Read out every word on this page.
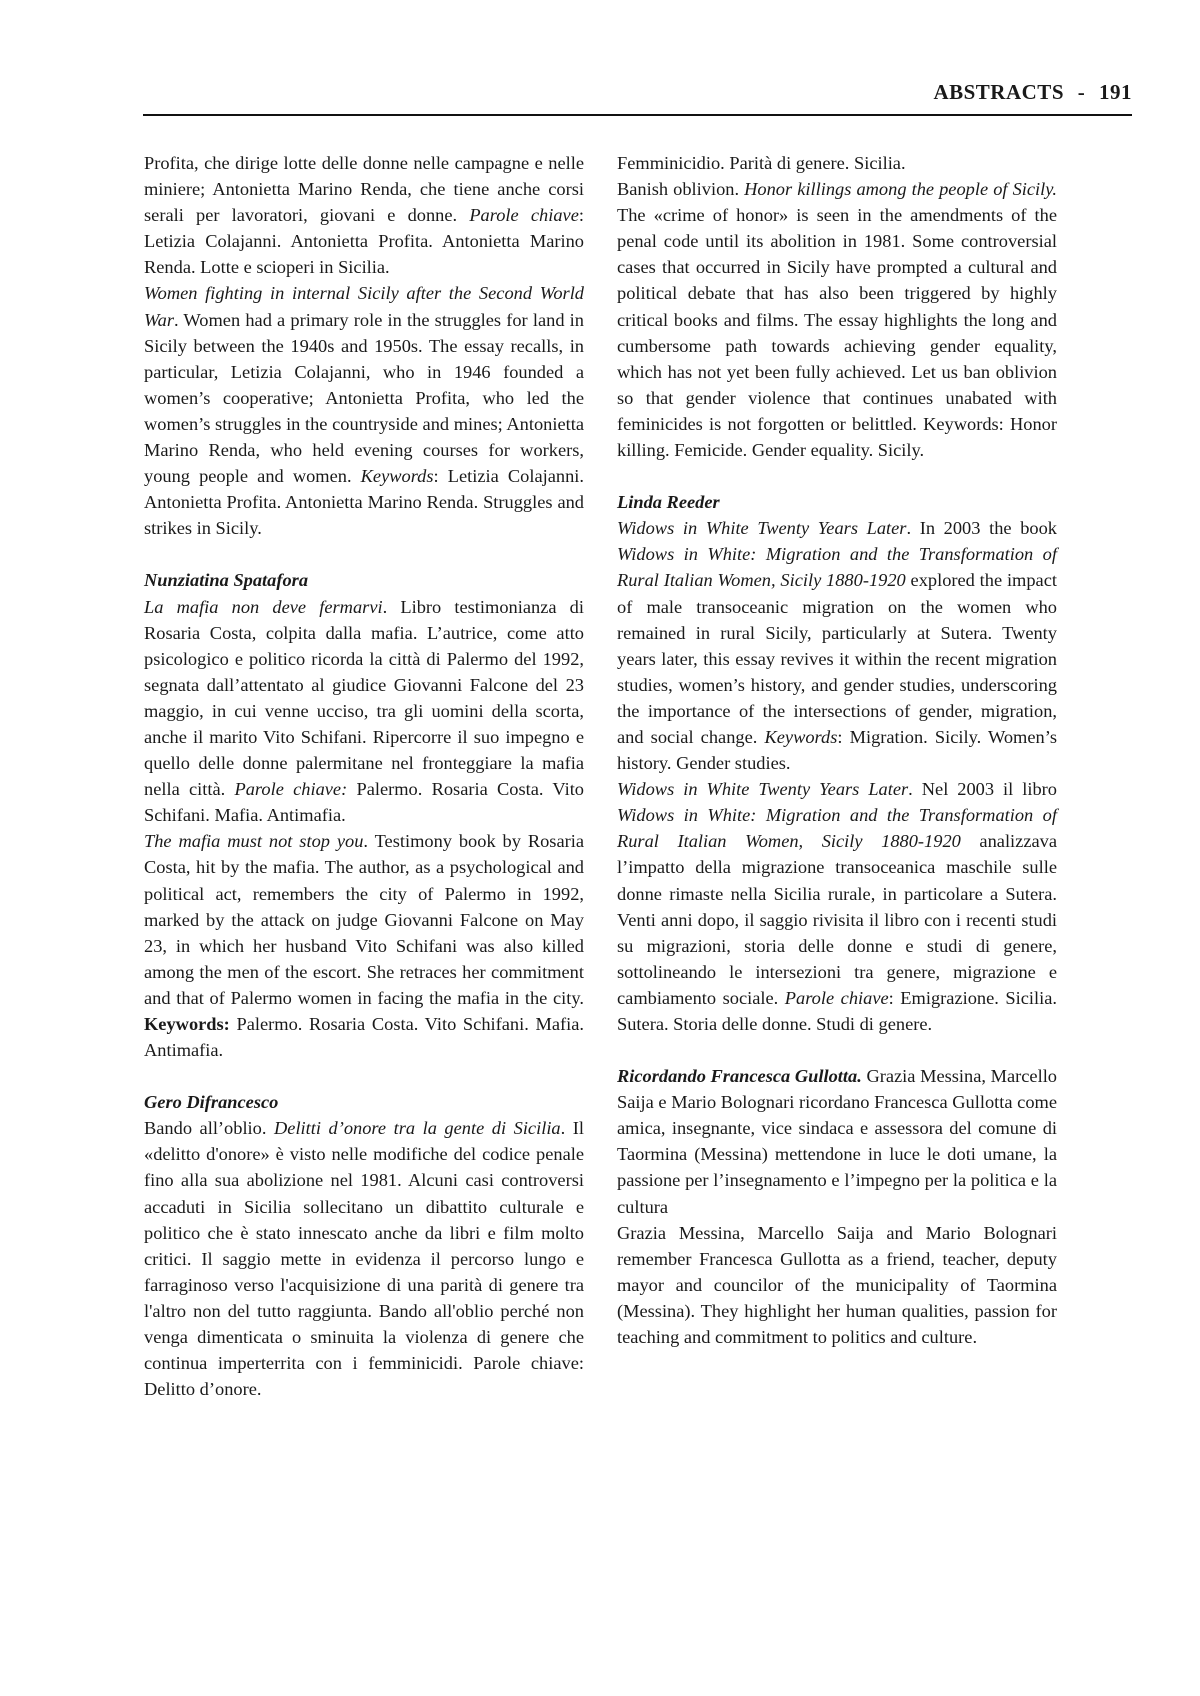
ABSTRACTS - 191

Profita, che dirige lotte delle donne nelle campagne e nelle miniere; Antonietta Marino Renda, che tiene anche corsi serali per lavoratori, giovani e donne. Parole chiave: Letizia Colajanni. Antonietta Profita. Antonietta Marino Renda. Lotte e scioperi in Sicilia.

Women fighting in internal Sicily after the Second World War. Women had a primary role in the struggles for land in Sicily between the 1940s and 1950s. The essay recalls, in particular, Letizia Colajanni, who in 1946 founded a women’s cooperative; Antonietta Profita, who led the women’s struggles in the countryside and mines; Antonietta Marino Renda, who held evening courses for workers, young people and women. Keywords: Letizia Colajanni. Antonietta Profita. Antonietta Marino Renda. Struggles and strikes in Sicily.

Nunziatina Spatafora

La mafia non deve fermarvi. Libro testimonianza di Rosaria Costa, colpita dalla mafia. L’autrice, come atto psicologico e politico ricorda la città di Palermo del 1992, segnata dall’attentato al giudice Giovanni Falcone del 23 maggio, in cui venne ucciso, tra gli uomini della scorta, anche il marito Vito Schifani. Ripercorre il suo impegno e quello delle donne palermitane nel fronteggiare la mafia nella città. Parole chiave: Palermo. Rosaria Costa. Vito Schifani. Mafia. Antimafia.

The mafia must not stop you. Testimony book by Rosaria Costa, hit by the mafia. The author, as a psychological and political act, remembers the city of Palermo in 1992, marked by the attack on judge Giovanni Falcone on May 23, in which her husband Vito Schifani was also killed among the men of the escort. She retraces her commitment and that of Palermo women in facing the mafia in the city. Keywords: Palermo. Rosaria Costa. Vito Schifani. Mafia. Antimafia.

Gero Difrancesco

Bando all’oblio. Delitti d’onore tra la gente di Sicilia. Il «delitto d'onore» è visto nelle modifiche del codice penale fino alla sua abolizione nel 1981. Alcuni casi controversi accaduti in Sicilia sollecitano un dibattito culturale e politico che è stato innescato anche da libri e film molto critici. Il saggio mette in evidenza il percorso lungo e farraginoso verso l'acquisizione di una parità di genere tra l'altro non del tutto raggiunta. Bando all'oblio perché non venga dimenticata o sminuita la violenza di genere che continua imperterrita con i femminicidi. Parole chiave: Delitto d’onore.

Femminicidio. Parità di genere. Sicilia.

Banish oblivion. Honor killings among the people of Sicily. The «crime of honor» is seen in the amendments of the penal code until its abolition in 1981. Some controversial cases that occurred in Sicily have prompted a cultural and political debate that has also been triggered by highly critical books and films. The essay highlights the long and cumbersome path towards achieving gender equality, which has not yet been fully achieved. Let us ban oblivion so that gender violence that continues unabated with feminicides is not forgotten or belittled. Keywords: Honor killing. Femicide. Gender equality. Sicily.

Linda Reeder

Widows in White Twenty Years Later. In 2003 the book Widows in White: Migration and the Transformation of Rural Italian Women, Sicily 1880-1920 explored the impact of male transoceanic migration on the women who remained in rural Sicily, particularly at Sutera. Twenty years later, this essay revives it within the recent migration studies, women’s history, and gender studies, underscoring the importance of the intersections of gender, migration, and social change. Keywords: Migration. Sicily. Women’s history. Gender studies.

Widows in White Twenty Years Later. Nel 2003 il libro Widows in White: Migration and the Transformation of Rural Italian Women, Sicily 1880-1920 analizzava l’impatto della migrazione transoceanica maschile sulle donne rimaste nella Sicilia rurale, in particolare a Sutera. Venti anni dopo, il saggio rivisita il libro con i recenti studi su migrazioni, storia delle donne e studi di genere, sottolineando le intersezioni tra genere, migrazione e cambiamento sociale. Parole chiave: Emigrazione. Sicilia. Sutera. Storia delle donne. Studi di genere.

Ricordando Francesca Gullotta. Grazia Messina, Marcello Saija e Mario Bolognari ricordano Francesca Gullotta come amica, insegnante, vice sindaca e assessora del comune di Taormina (Messina) mettendone in luce le doti umane, la passione per l’insegnamento e l’impegno per la politica e la cultura

Grazia Messina, Marcello Saija and Mario Bolognari remember Francesca Gullotta as a friend, teacher, deputy mayor and councilor of the municipality of Taormina (Messina). They highlight her human qualities, passion for teaching and commitment to politics and culture.
